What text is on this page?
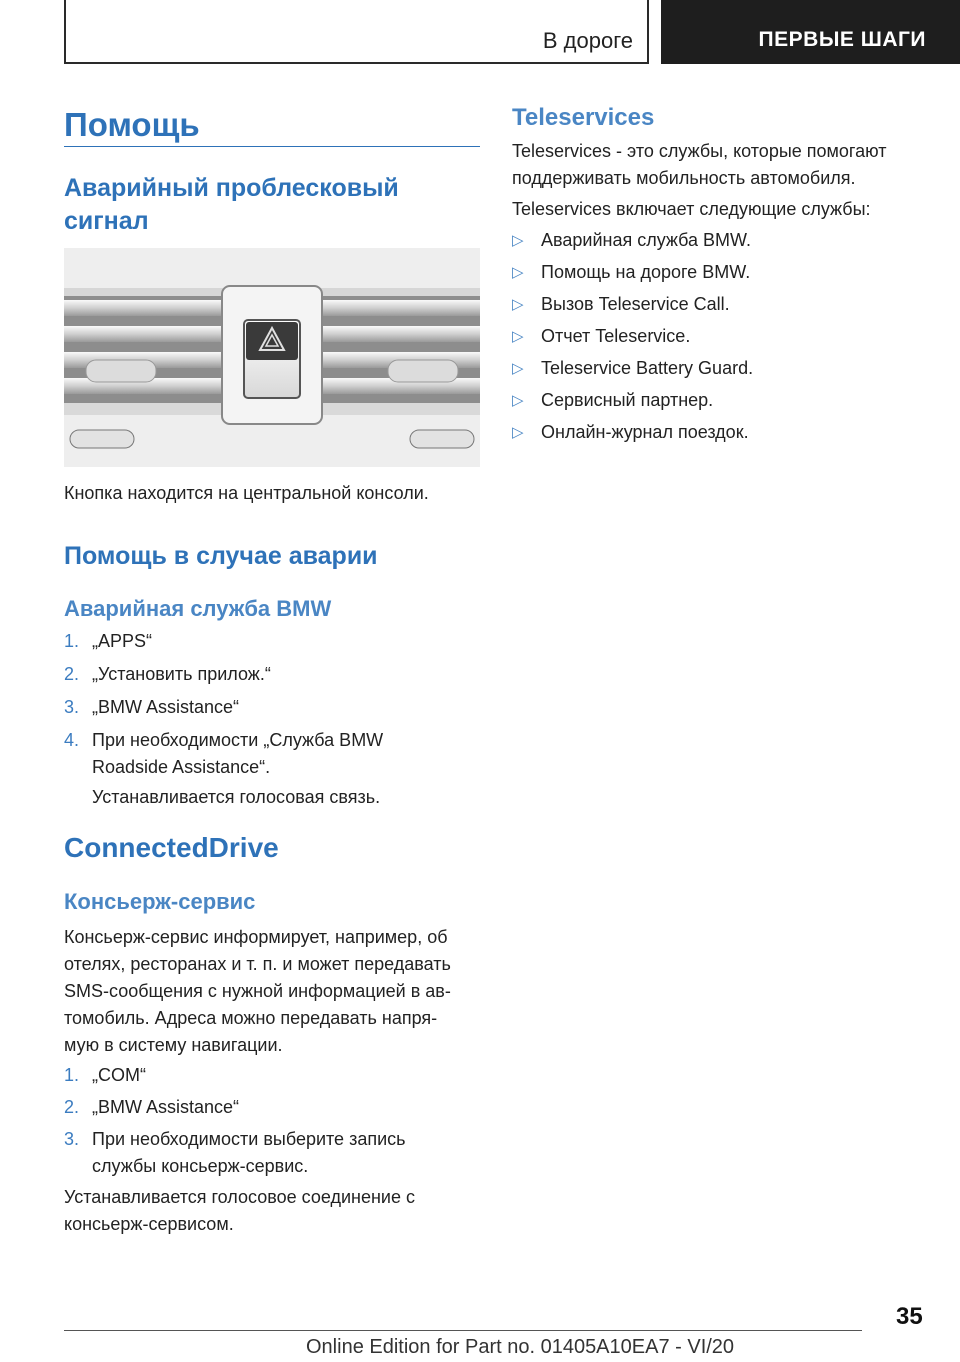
В дороге	ПЕРВЫЕ ШАГИ
Помощь
Аварийный проблесковый
сигнал
Кнопка находится на центральной консоли.
Помощь в случае аварии
Аварийная служба BMW
1. „APPS“
2. „Установить прилож.“
3. „BMW Assistance“
4. При необходимости „Служба BMW
Roadside Assistance“.
Устанавливается голосовая связь.
ConnectedDrive
Консьерж-сервис
Консьерж-сервис информирует, например, об
отелях, ресторанах и т. п. и может передавать
SMS-сообщения с нужной информацией в ав-
томобиль. Адреса можно передавать напря-
мую в систему навигации.
1. „COM“
2. „BMW Assistance“
3. При необходимости выберите запись
службы консьерж-сервис.
Устанавливается голосовое соединение с
консьерж-сервисом.
Teleservices
Teleservices - это службы, которые помогают
поддерживать мобильность автомобиля.
Teleservices включает следующие службы:
▷ Аварийная служба BMW.
▷ Помощь на дороге BMW.
▷ Вызов Teleservice Call.
▷ Отчет Teleservice.
▷ Teleservice Battery Guard.
▷ Сервисный партнер.
▷ Онлайн-журнал поездок.
35
Online Edition for Part no. 01405A10EA7 - VI/20
